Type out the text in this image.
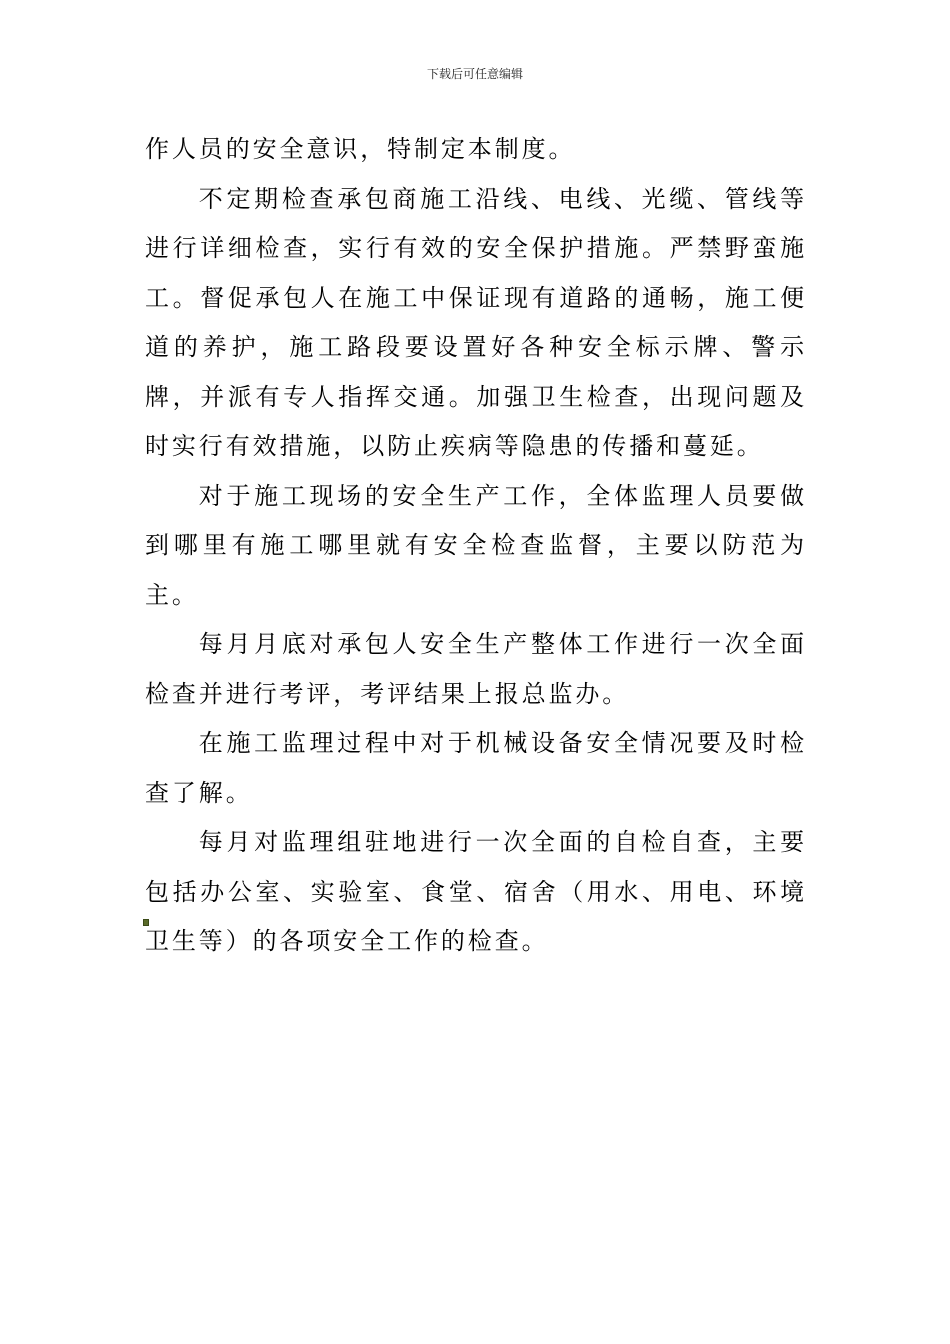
下载后可任意编辑

作人员的安全意识，特制定本制度。

不定期检查承包商施工沿线、电线、光缆、管线等进行详细检查，实行有效的安全保护措施。严禁野蛮施工。督促承包人在施工中保证现有道路的通畅，施工便道的养护，施工路段要设置好各种安全标示牌、警示牌，并派有专人指挥交通。加强卫生检查，出现问题及时实行有效措施，以防止疾病等隐患的传播和蔓延。

对于施工现场的安全生产工作，全体监理人员要做到哪里有施工哪里就有安全检查监督，主要以防范为主。

每月月底对承包人安全生产整体工作进行一次全面检查并进行考评，考评结果上报总监办。

在施工监理过程中对于机械设备安全情况要及时检查了解。

每月对监理组驻地进行一次全面的自检自查，主要包括办公室、实验室、食堂、宿舍（用水、用电、环境卫生等）的各项安全工作的检查。
